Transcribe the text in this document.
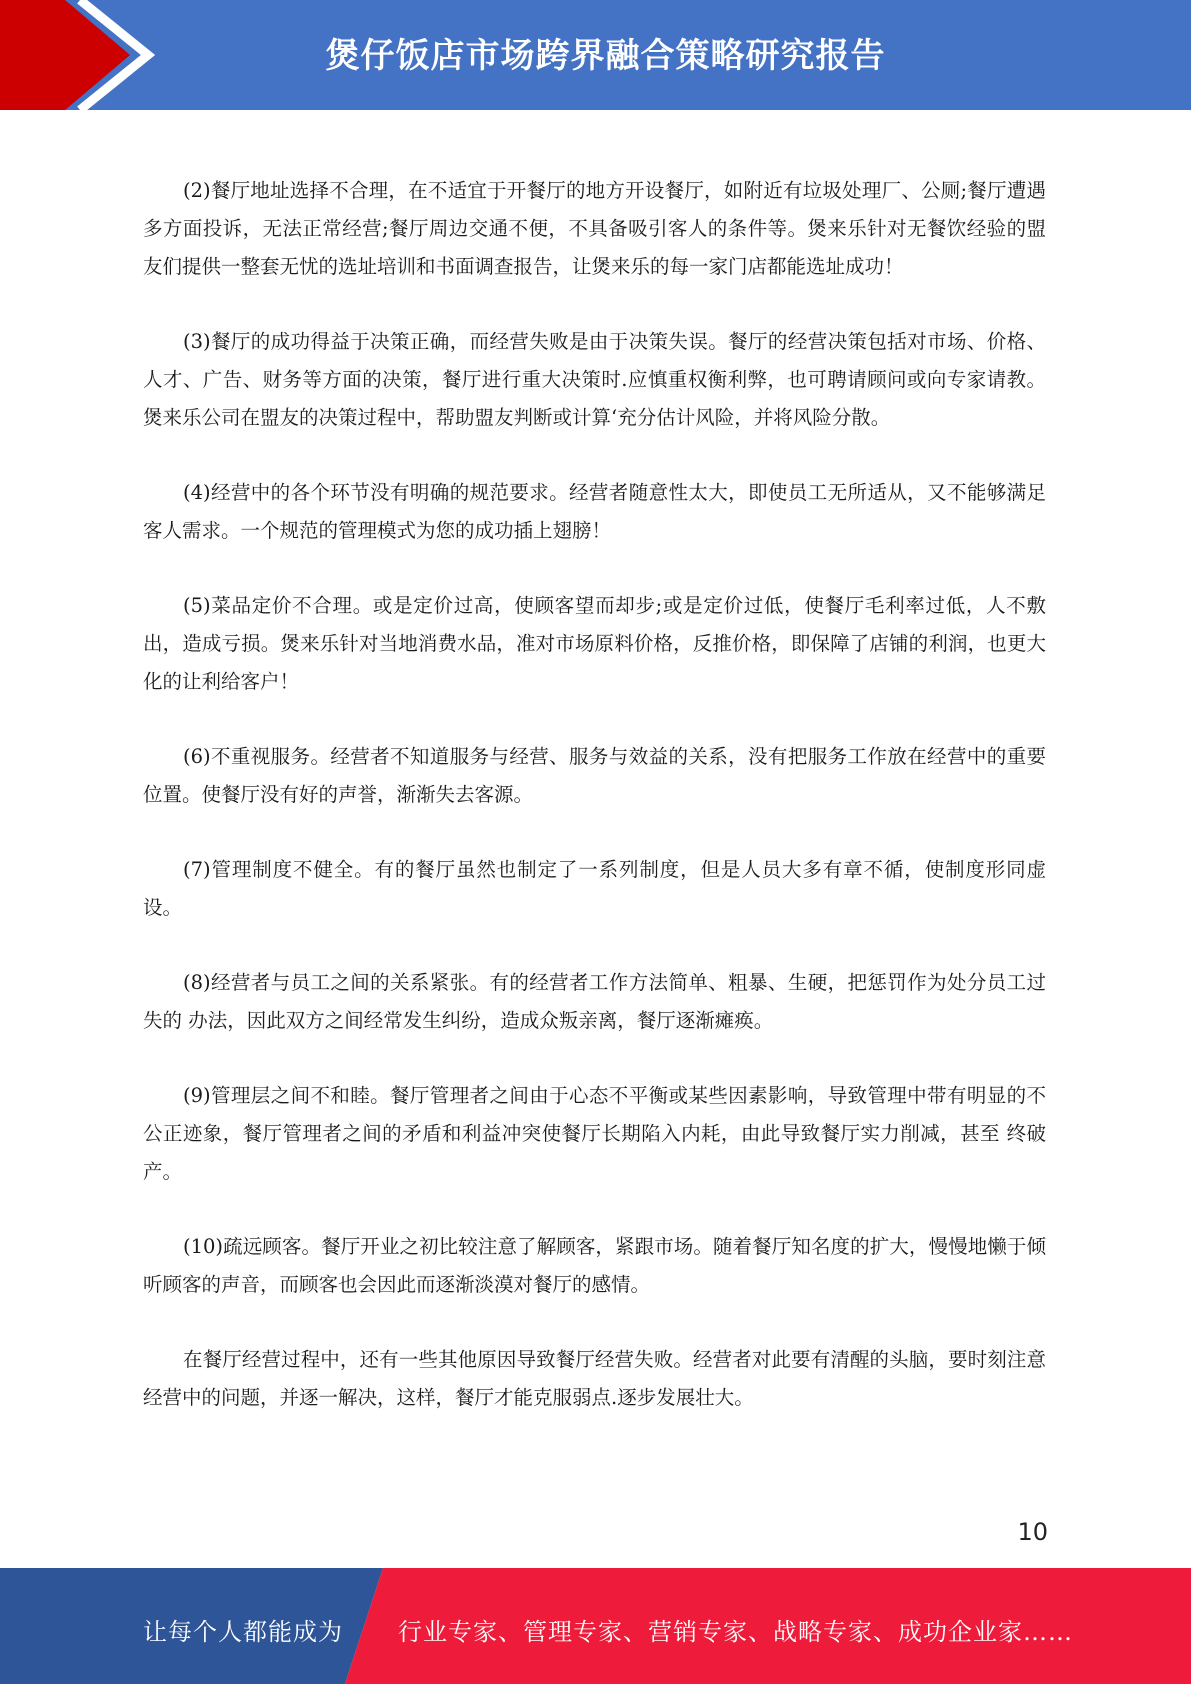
煲仔饭店市场跨界融合策略研究报告

(2)餐厅地址选择不合理，在不适宜于开餐厅的地方开设餐厅，如附近有垃圾处理厂、公厕;餐厅遭遇多方面投诉，无法正常经营;餐厅周边交通不便，不具备吸引客人的条件等。煲来乐针对无餐饮经验的盟友们提供一整套无忧的选址培训和书面调查报告，让煲来乐的每一家门店都能选址成功！

(3)餐厅的成功得益于决策正确，而经营失败是由于决策失误。餐厅的经营决策包括对市场、价格、人才、广告、财务等方面的决策，餐厅进行重大决策时.应慎重权衡利弊，也可聘请顾问或向专家请教。煲来乐公司在盟友的决策过程中，帮助盟友判断或计算‘充分估计风险，并将风险分散。

(4)经营中的各个环节没有明确的规范要求。经营者随意性太大，即使员工无所适从，又不能够满足客人需求。一个规范的管理模式为您的成功插上翅膀！

(5)菜品定价不合理。或是定价过高，使顾客望而却步;或是定价过低，使餐厅毛利率过低，人不敷出，造成亏损。煲来乐针对当地消费水品，准对市场原料价格，反推价格，即保障了店铺的利润，也更大化的让利给客户！

(6)不重视服务。经营者不知道服务与经营、服务与效益的关系，没有把服务工作放在经营中的重要位置。使餐厅没有好的声誉，渐渐失去客源。

(7)管理制度不健全。有的餐厅虽然也制定了一系列制度，但是人员大多有章不循，使制度形同虚设。

(8)经营者与员工之间的关系紧张。有的经营者工作方法简单、粗暴、生硬，把惩罚作为处分员工过失的 办法，因此双方之间经常发生纠纷，造成众叛亲离，餐厅逐渐瘫痪。

(9)管理层之间不和睦。餐厅管理者之间由于心态不平衡或某些因素影响，导致管理中带有明显的不公正迹象，餐厅管理者之间的矛盾和利益冲突使餐厅长期陷入内耗，由此导致餐厅实力削减，甚至 终破产。

(10)疏远顾客。餐厅开业之初比较注意了解顾客，紧跟市场。随着餐厅知名度的扩大，慢慢地懒于倾听顾客的声音，而顾客也会因此而逐渐淡漠对餐厅的感情。

在餐厅经营过程中，还有一些其他原因导致餐厅经营失败。经营者对此要有清醒的头脑，要时刻注意经营中的问题，并逐一解决，这样，餐厅才能克服弱点.逐步发展壮大。

10
让每个人都能成为 行业专家、管理专家、营销专家、战略专家、成功企业家……
